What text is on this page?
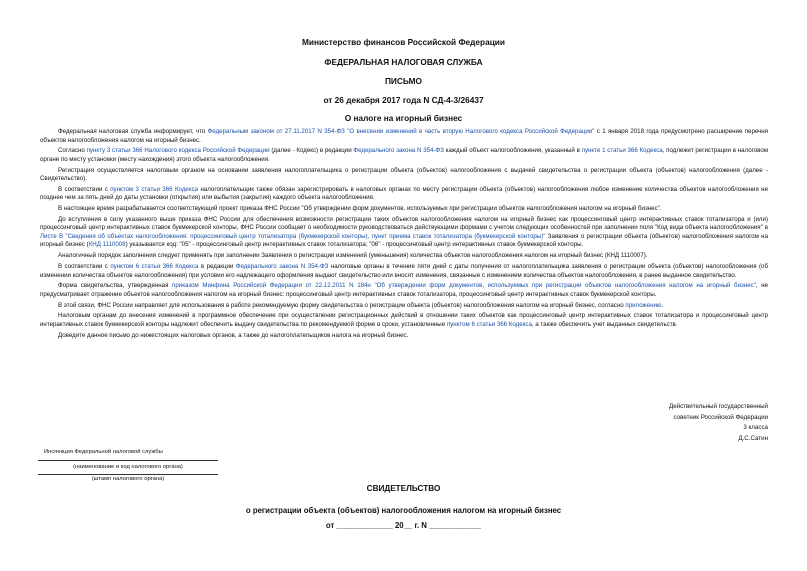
Министерство финансов Российской Федерации
ФЕДЕРАЛЬНАЯ НАЛОГОВАЯ СЛУЖБА
ПИСЬМО
от 26 декабря 2017 года N СД-4-3/26437
О налоге на игорный бизнес

Федеральная налоговая служба информирует, что Федеральным законом от 27.11.2017 N 354-ФЗ "О внесении изменений в часть вторую Налогового кодекса Российской Федерации" с 1 января 2018 года предусмотрено расширение перечня объектов налогообложения налогом на игорный бизнес.

Согласно пункту 3 статьи 366 Налогового кодекса Российской Федерации (далее - Кодекс) в редакции Федерального закона N 354-ФЗ каждый объект налогообложения, указанный в пункте 1 статьи 366 Кодекса, подлежит регистрации в налоговом органе по месту установки (месту нахождения) этого объекта налогообложения.

Регистрация осуществляется налоговым органом на основании заявления налогоплательщика о регистрации объекта (объектов) налогообложения с выдачей свидетельства о регистрации объекта (объектов) налогообложения (далее - Свидетельство).

В соответствии с пунктом 3 статьи 366 Кодекса налогоплательщик также обязан зарегистрировать в налоговых органах по месту регистрации объекта (объектов) налогообложения любое изменение количества объектов налогообложения не позднее чем за пять дней до даты установки (открытия) или выбытия (закрытия) каждого объекта налогообложения.

В настоящее время разрабатывается соответствующий проект приказа ФНС России "Об утверждении форм документов, используемых при регистрации объектов налогообложения налогом на игорный бизнес".

До вступления в силу указанного выше приказа ФНС России для обеспечения возможности регистрации таких объектов налогообложения налогом на игорный бизнес как процессинговый центр интерактивных ставок тотализатора и (или) процессинговый центр интерактивных ставок букмекерской конторы, ФНС России сообщает о необходимости руководствоваться действующими формами с учетом следующих особенностей при заполнении поля "Код вида объекта налогообложения" в Листе В "Сведения об объектах налогообложения: процессинговый центр тотализатора (букмекерской конторы), пункт приема ставок тотализатора (букмекерской конторы)" Заявления о регистрации объекта (объектов) налогообложения налогом на игорный бизнес (КНД 1110008) указывается код: "05" - процессинговый центр интерактивных ставок тотализатора; "06" - процессинговый центр интерактивных ставок букмекерской конторы.

Аналогичный порядок заполнения следует применять при заполнении Заявления о регистрации изменений (уменьшения) количества объектов налогообложения налогом на игорный бизнес (КНД 1110007).

В соответствии с пунктом 6 статьи 366 Кодекса в редакции Федерального закона N 354-ФЗ налоговые органы в течение пяти дней с даты получения от налогоплательщика заявления о регистрации объекта (объектов) налогообложения (об изменении количества объектов налогообложения) при условии его надлежащего оформления выдают свидетельство или вносят изменения, связанные с изменением количества объектов налогообложения, в ранее выданное свидетельство.

Форма свидетельства, утвержденная приказом Минфина Российской Федерации от 22.12.2011 N 184н "Об утверждении форм документов, используемых при регистрации объектов налогообложения налогом на игорный бизнес", не предусматривает отражение объектов налогообложения налогом на игорный бизнес: процессинговый центр интерактивных ставок тотализатора, процессинговый центр интерактивных ставок букмекерской конторы.

В этой связи, ФНС России направляет для использования в работе рекомендуемую форму свидетельства о регистрации объекта (объектов) налогообложения налогом на игорный бизнес, согласно приложению.

Налоговым органам до внесения изменений в программное обеспечение при осуществлении регистрационных действий в отношении таких объектов как процессинговый центр интерактивных ставок тотализатора и процессинговый центр интерактивных ставок букмекерской конторы надлежит обеспечить выдачу свидетельства по рекомендуемой форме в сроки, установленные пунктом 6 статьи 366 Кодекса, а также обеспечить учет выданных свидетельств.

Доведите данное письмо до нижестоящих налоговых органов, а также до налогоплательщиков налога на игорный бизнес.

Действительный государственный
советник Российской Федерации
3 класса
Д.С.Сатин
Инспекция Федеральной налоговой службы
(наименование и код налогового органа)
(штамп налогового органа)
СВИДЕТЕЛЬСТВО
о регистрации объекта (объектов) налогообложения налогом на игорный бизнес
от _____________ 20__ г. N ____________
